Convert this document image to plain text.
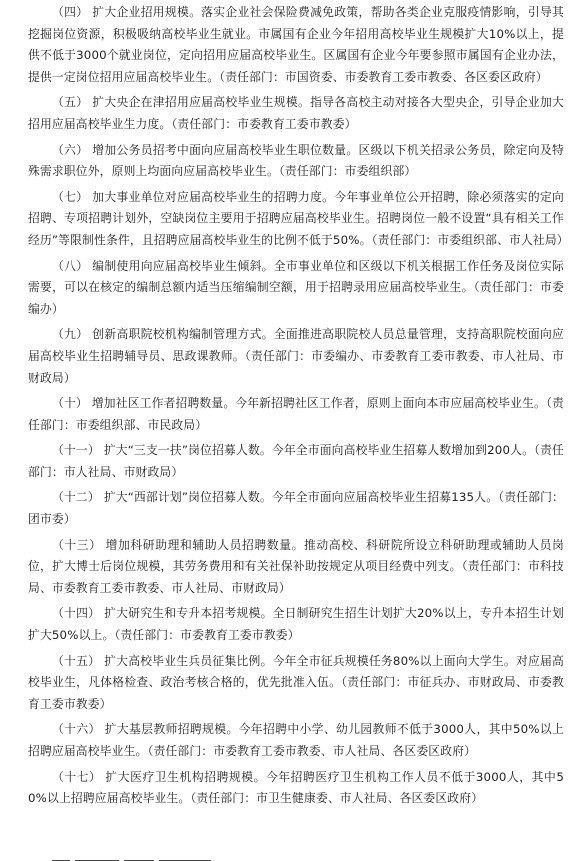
（四） 扩大企业招用规模。落实企业社会保险费减免政策，帮助各类企业克服疫情影响，引导其挖掘岗位资源，积极吸纳高校毕业生就业。市属国有企业今年招用高校毕业生规模扩大10%以上，提供不低于3000个就业岗位，定向招用应届高校毕业生。区属国有企业今年要参照市属国有企业办法，提供一定岗位招用应届高校毕业生。（责任部门：市国资委、市委教育工委市教委、各区委区政府）

（五） 扩大央企在津招用应届高校毕业生规模。指导各高校主动对接各大型央企，引导企业加大招用应届高校毕业生力度。（责任部门：市委教育工委市教委）

（六） 增加公务员招考中面向应届高校毕业生职位数量。区级以下机关招录公务员，除定向及特殊需求职位外，原则上均面向应届高校毕业生。（责任部门：市委组织部）

（七） 加大事业单位对应届高校毕业生的招聘力度。今年事业单位公开招聘，除必须落实的定向招聘、专项招聘计划外，空缺岗位主要用于招聘应届高校毕业生。招聘岗位一般不设置“具有相关工作经历”等限制性条件，且招聘应届高校毕业生的比例不低于50%。（责任部门：市委组织部、市人社局）

（八） 编制使用向应届高校毕业生倾斜。全市事业单位和区级以下机关根据工作任务及岗位实际需要，可以在核定的编制总额内适当压缩编制空额，用于招聘录用应届高校毕业生。（责任部门：市委编办）

（九） 创新高职院校机构编制管理方式。全面推进高职院校人员总量管理，支持高职院校面向应届高校毕业生招聘辅导员、思政课教师。（责任部门：市委编办、市委教育工委市教委、市人社局、市财政局）

（十） 增加社区工作者招聘数量。今年新招聘社区工作者，原则上面向本市应届高校毕业生。（责任部门：市委组织部、市民政局）

（十一） 扩大“三支一扶”岗位招募人数。今年全市面向高校毕业生招募人数增加到200人。（责任部门：市人社局、市财政局）

（十二） 扩大“西部计划”岗位招募人数。今年全市面向应届高校毕业生招募135人。（责任部门：团市委）

（十三） 增加科研助理和辅助人员招聘数量。推动高校、科研院所设立科研助理或辅助人员岗位，扩大博士后岗位规模，其劳务费用和有关社保补助按规定从项目经费中列支。（责任部门：市科技局、市委教育工委市教委、市人社局、市财政局）

（十四） 扩大研究生和专升本招考规模。全日制研究生招生计划扩大20%以上，专升本招生计划扩大50%以上。（责任部门：市委教育工委市教委）

（十五） 扩大高校毕业生兵员征集比例。今年全市征兵规模任务80%以上面向大学生。对应届高校毕业生，凡体格检查、政治考核合格的，优先批准入伍。（责任部门：市征兵办、市财政局、市委教育工委市教委）

（十六） 扩大基层教师招聘规模。今年招聘中小学、幼儿园教师不低于3000人，其中50%以上招聘应届高校毕业生。（责任部门：市委教育工委市教委、市人社局、各区委区政府）

（十七） 扩大医疗卫生机构招聘规模。今年招聘医疗卫生机构工作人员不低于3000人，其中50%以上招聘应届高校毕业生。（责任部门：市卫生健康委、市人社局、各区委区政府）
